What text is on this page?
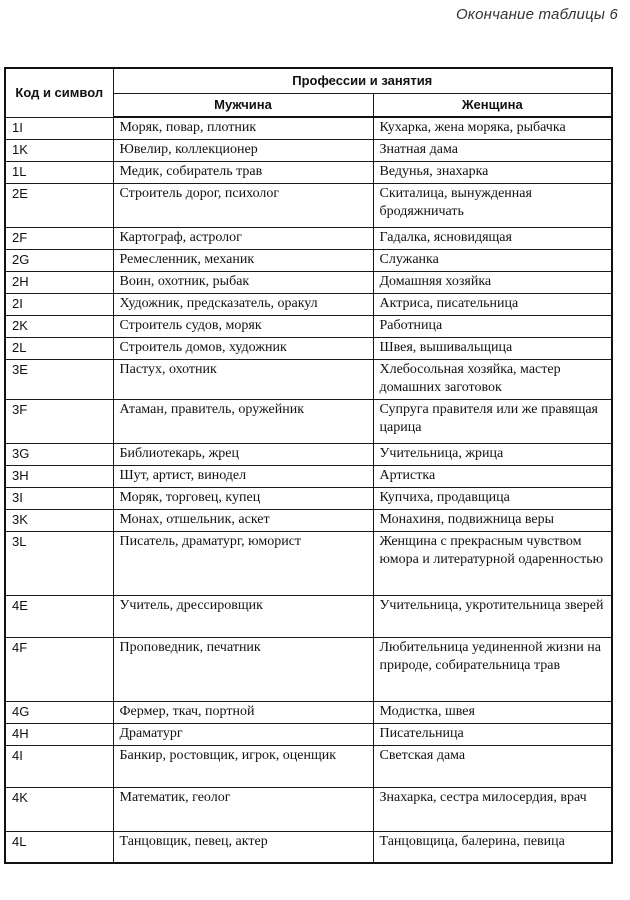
Окончание таблицы 6
Код и символ	Профессии и занятия	
	Мужчина	Женщина
1I	Моряк, повар, плотник	Кухарка, жена моряка, рыбачка
1K	Ювелир, коллекционер	Знатная дама
1L	Медик, собиратель трав	Ведунья, знахарка
2E	Строитель дорог, психолог	Скиталица, вынужденная бродяжничать
2F	Картограф, астролог	Гадалка, ясновидящая
2G	Ремесленник, механик	Служанка
2H	Воин, охотник, рыбак	Домашняя хозяйка
2I	Художник, предсказатель, оракул	Актриса, писательница
2K	Строитель судов, моряк	Работница
2L	Строитель домов, художник	Швея, вышивальщица
3E	Пастух, охотник	Хлебосольная хозяйка, мастер домашних заготовок
3F	Атаман, правитель, оружейник	Супруга правителя или же правящая царица
3G	Библиотекарь, жрец	Учительница, жрица
3H	Шут, артист, винодел	Артистка
3I	Моряк, торговец, купец	Купчиха, продавщица
3K	Монах, отшельник, аскет	Монахиня, подвижница веры
3L	Писатель, драматург, юморист	Женщина с прекрасным чувством юмора и литературной одаренностью
4E	Учитель, дрессировщик	Учительница, укротительница зверей
4F	Проповедник, печатник	Любительница уединенной жизни на природе, собирательница трав
4G	Фермер, ткач, портной	Модистка, швея
4H	Драматург	Писательница
4I	Банкир, ростовщик, игрок, оценщик	Светская дама
4K	Математик, геолог	Знахарка, сестра милосердия, врач
4L	Танцовщик, певец, актер	Танцовщица, балерина, певица
